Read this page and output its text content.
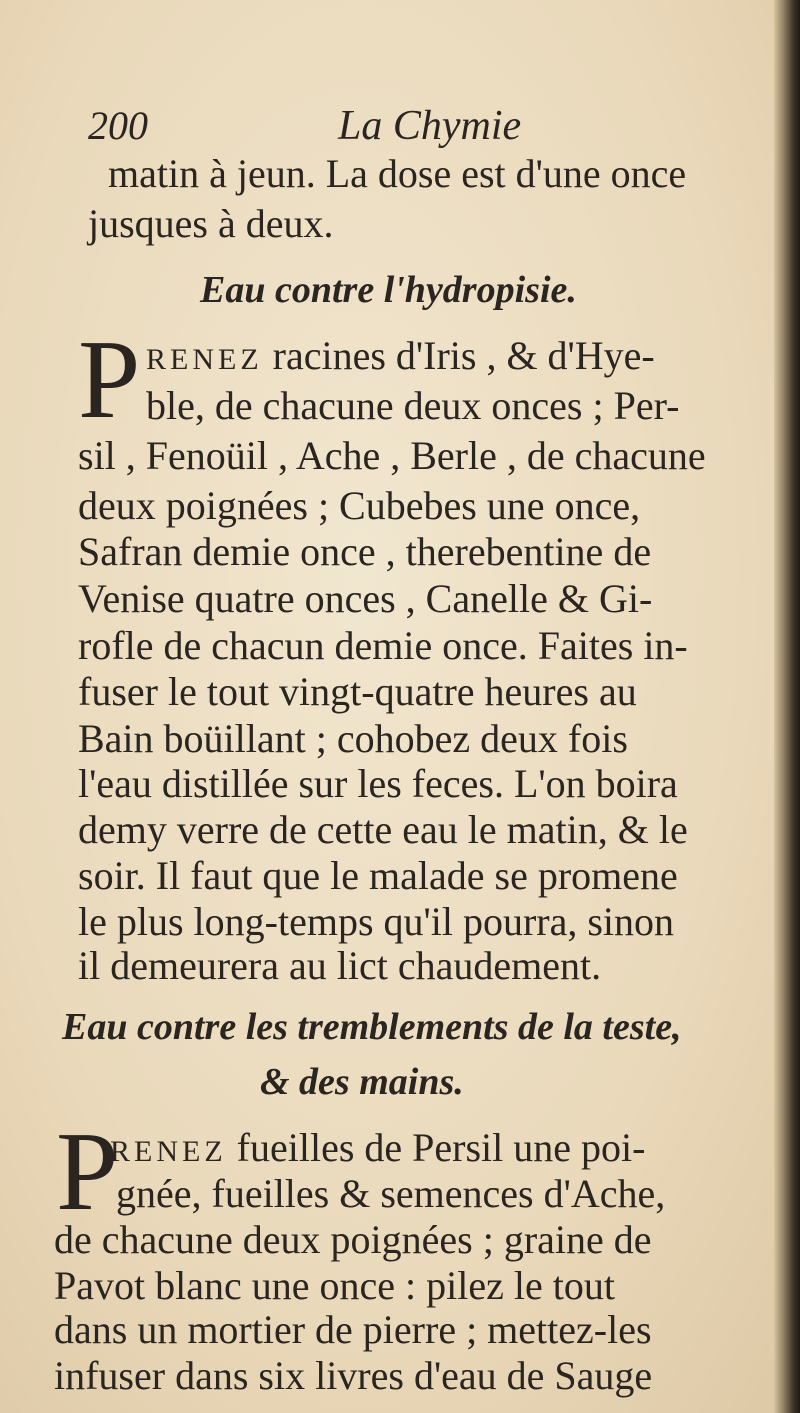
200	La Chymie
matin à jeun. La dose est d'une once
jusques à deux.
Eau contre l'hydropisie.
P RENEZ racines d'Iris , & d'Hye-
ble, de chacune deux onces ; Per-
sil , Fenoüil , Ache , Berle , de chacune
deux poignées ; Cubebes une once,
Safran demie once , therebentine de
Venise quatre onces , Canelle & Gi-
rofle de chacun demie once. Faites in-
fuser le tout vingt-quatre heures au
Bain boüillant ; cohobez deux fois
l'eau distillée sur les feces. L'on boira
demy verre de cette eau le matin, & le
soir. Il faut que le malade se promene
le plus long-temps qu'il pourra, sinon
il demeurera au lict chaudement.
Eau contre les tremblements de la teste,
& des mains.
P
RENEZ fueilles de Persil une poi-
gnée, fueilles & semences d'Ache,
de chacune deux poignées ; graine de
Pavot blanc une once : pilez le tout
dans un mortier de pierre ; mettez-les
infuser dans six livres d'eau de Sauge
